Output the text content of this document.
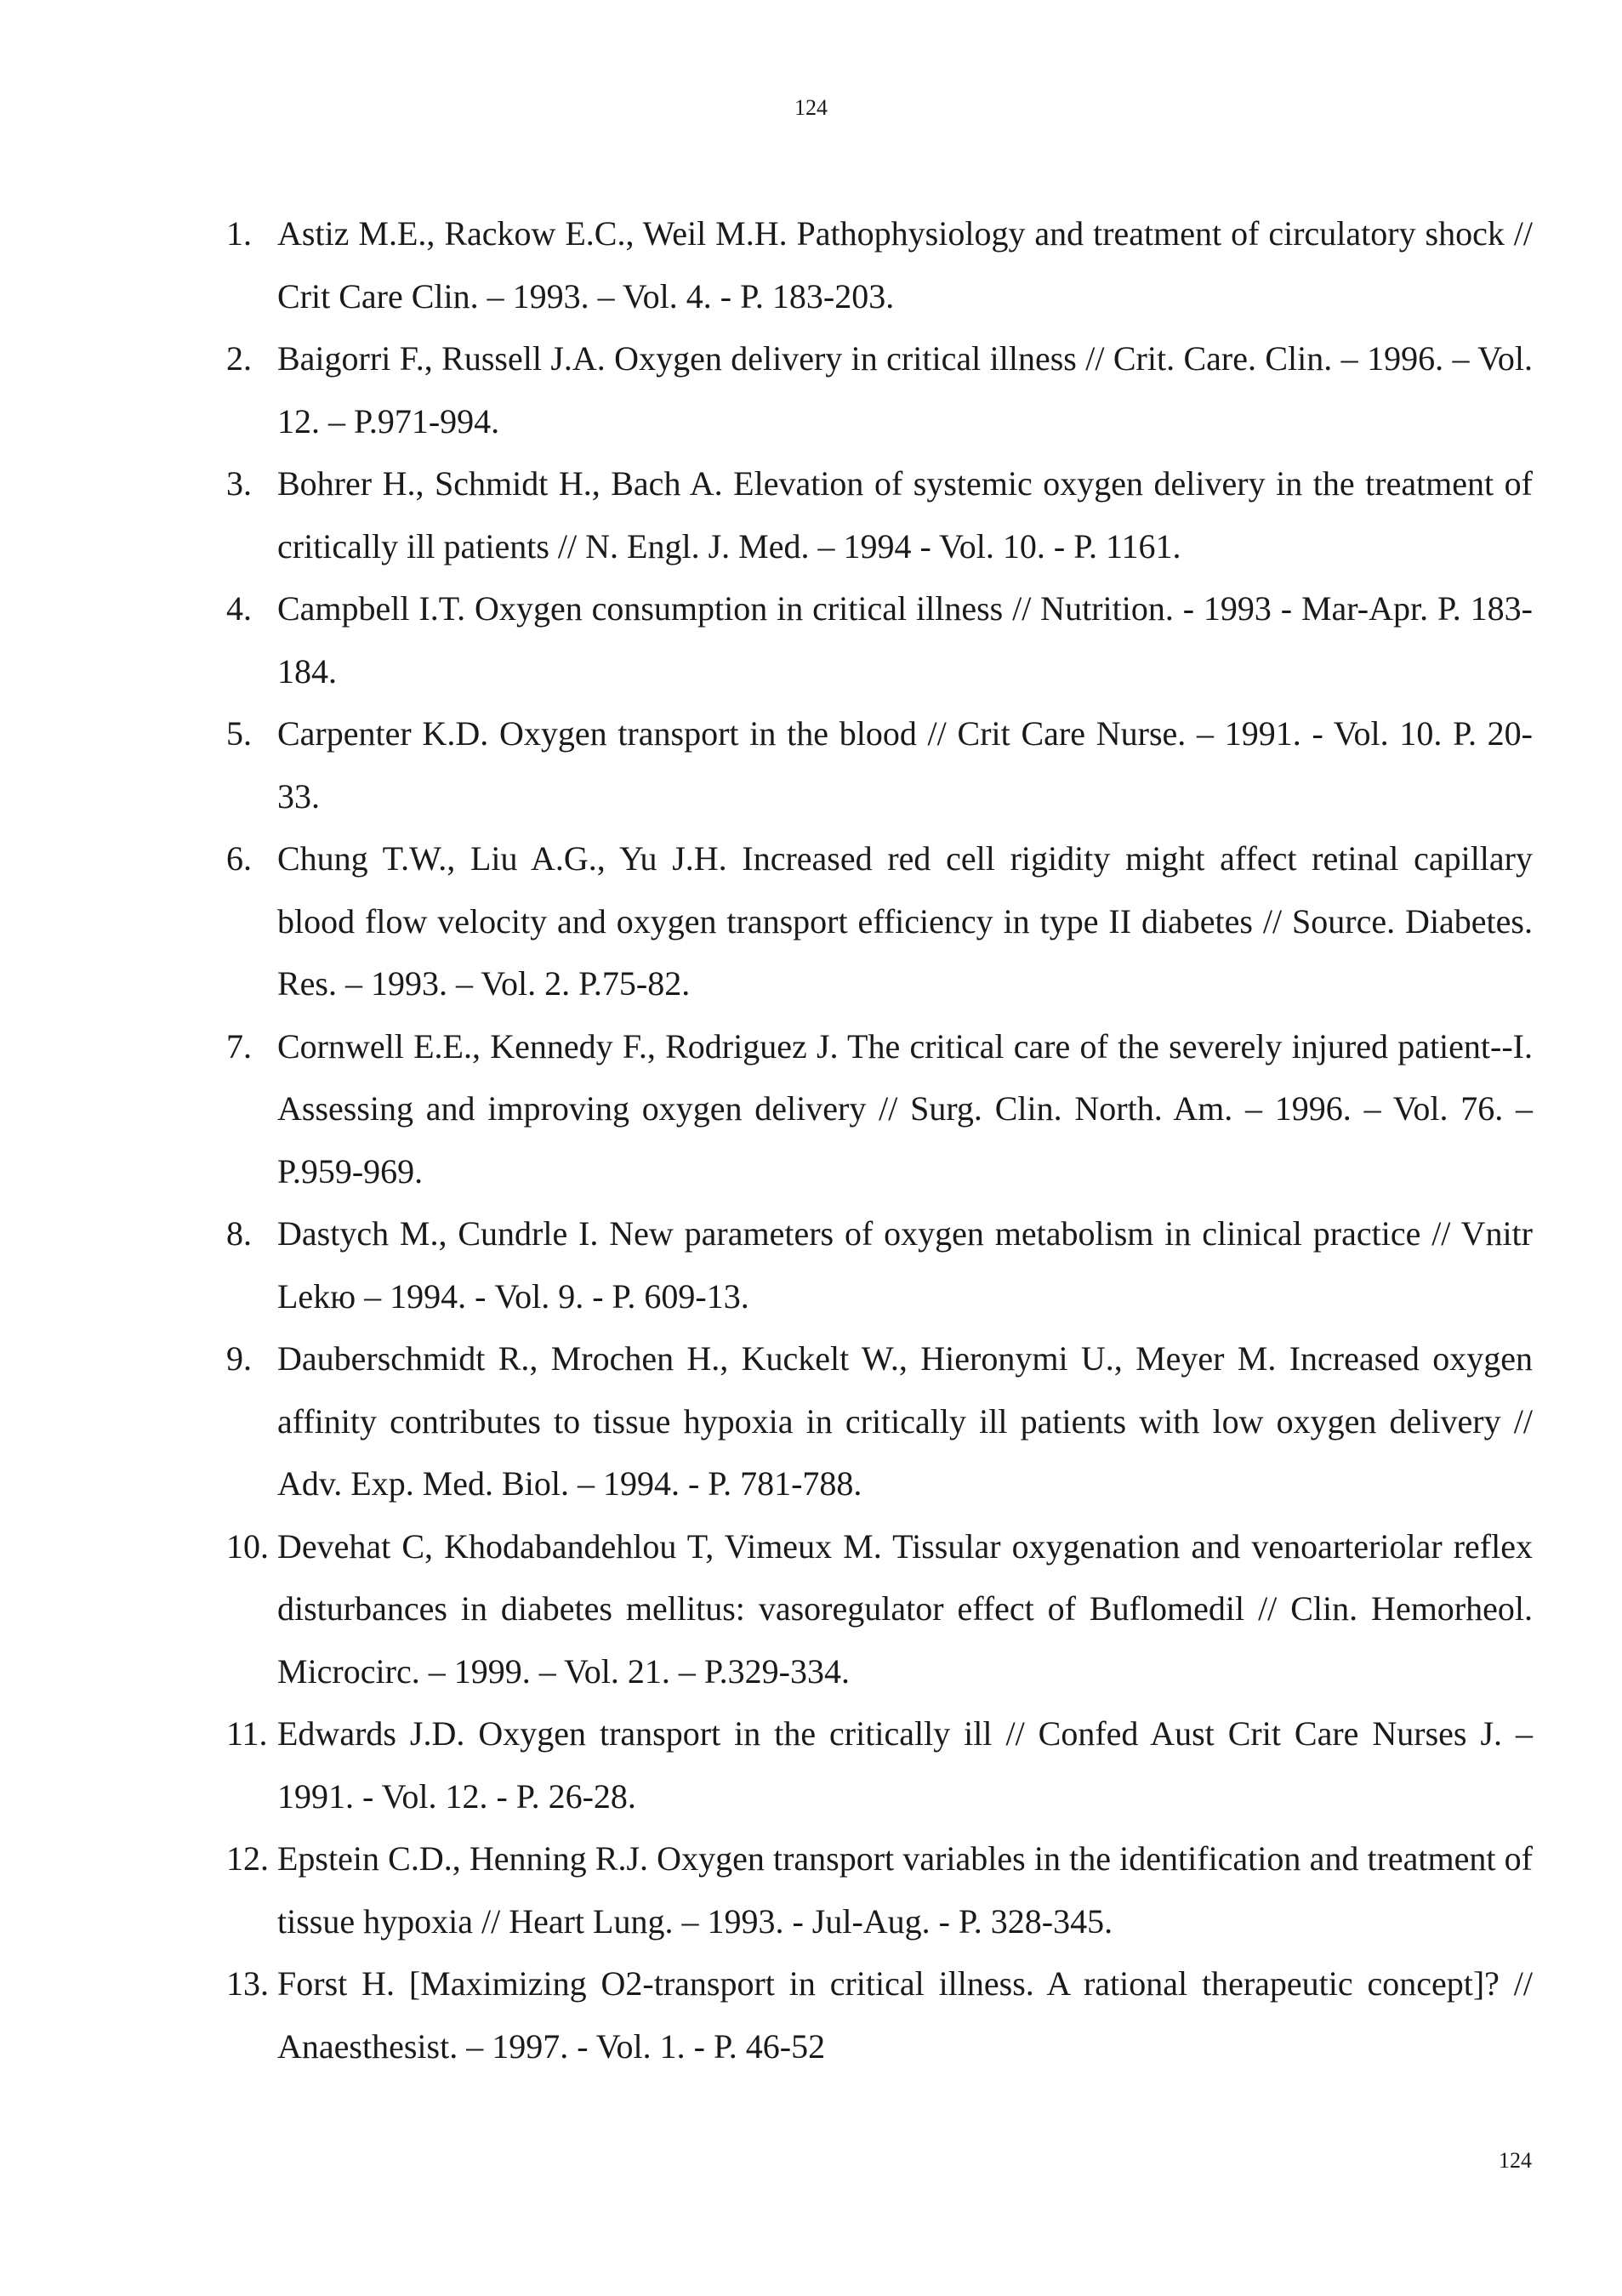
124
1. Astiz M.E., Rackow E.C., Weil M.H. Pathophysiology and treatment of circulatory shock // Crit Care Clin. – 1993. – Vol. 4. - P. 183-203.
2. Baigorri F., Russell J.A. Oxygen delivery in critical illness // Crit. Care. Clin. – 1996. – Vol. 12. – P.971-994.
3. Bohrer H., Schmidt H., Bach A. Elevation of systemic oxygen delivery in the treatment of critically ill patients // N. Engl. J. Med. – 1994 - Vol. 10. - P. 1161.
4. Campbell I.T. Oxygen consumption in critical illness // Nutrition. - 1993 - Mar-Apr. P. 183-184.
5. Carpenter K.D. Oxygen transport in the blood // Crit Care Nurse. – 1991. - Vol. 10. P. 20-33.
6. Chung T.W., Liu A.G., Yu J.H. Increased red cell rigidity might affect retinal capillary blood flow velocity and oxygen transport efficiency in type II diabetes // Source. Diabetes. Res. – 1993. – Vol. 2. P.75-82.
7. Cornwell E.E., Kennedy F., Rodriguez J. The critical care of the severely injured patient--I. Assessing and improving oxygen delivery // Surg. Clin. North. Am. – 1996. – Vol. 76. – P.959-969.
8. Dastych M., Cundrle I. New parameters of oxygen metabolism in clinical practice // Vnitr Lekю – 1994. - Vol. 9. - P. 609-13.
9. Dauberschmidt R., Mrochen H., Kuckelt W., Hieronymi U., Meyer M. Increased oxygen affinity contributes to tissue hypoxia in critically ill patients with low oxygen delivery // Adv. Exp. Med. Biol. – 1994. - P. 781-788.
10. Devehat C, Khodabandehlou T, Vimeux M. Tissular oxygenation and venoarteriolar reflex disturbances in diabetes mellitus: vasoregulator effect of Buflomedil // Clin. Hemorheol. Microcirc. – 1999. – Vol. 21. – P.329-334.
11. Edwards J.D. Oxygen transport in the critically ill // Confed Aust Crit Care Nurses J. – 1991. - Vol. 12. - P. 26-28.
12. Epstein C.D., Henning R.J. Oxygen transport variables in the identification and treatment of tissue hypoxia // Heart Lung. – 1993. - Jul-Aug. - P. 328-345.
13. Forst H. [Maximizing O2-transport in critical illness. A rational therapeutic concept]? // Anaesthesist. – 1997. - Vol. 1. - P. 46-52
124
